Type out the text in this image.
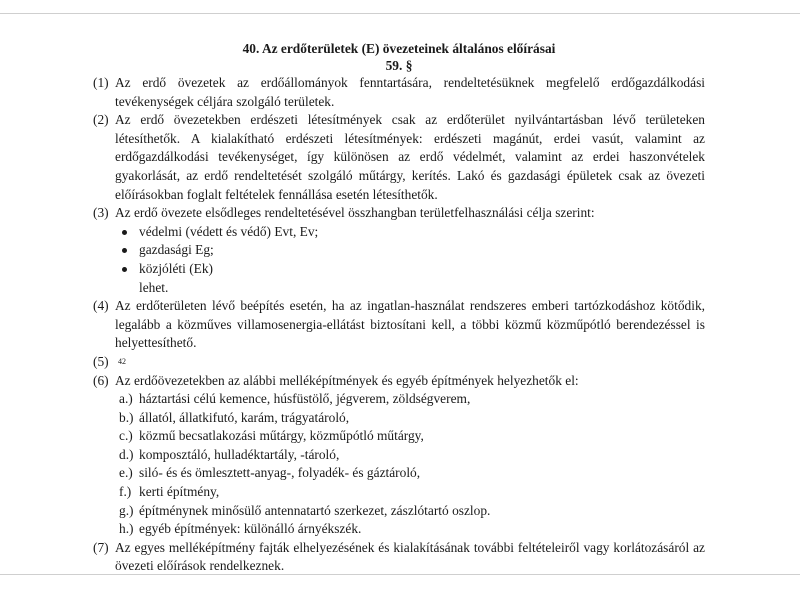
40. Az erdőterületek (E) övezeteinek általános előírásai
59. §
(1) Az erdő övezetek az erdőállományok fenntartására, rendeltetésüknek megfelelő erdőgazdálkodási tevékenységek céljára szolgáló területek.
(2) Az erdő övezetekben erdészeti létesítmények csak az erdőterület nyilvántartásban lévő területeken létesíthetők. A kialakítható erdészeti létesítmények: erdészeti magánút, erdei vasút, valamint az erdőgazdálkodási tevékenységet, így különösen az erdő védelmét, valamint az erdei haszonvételek gyakorlását, az erdő rendeltetését szolgáló műtárgy, kerítés. Lakó és gazdasági épületek csak az övezeti előírásokban foglalt feltételek fennállása esetén létesíthetők.
(3) Az erdő övezete elsődleges rendeltetésével összhangban területfelhasználási célja szerint:
védelmi (védett és védő) Evt, Ev;
gazdasági Eg;
közjóléti (Ek)
lehet.
(4) Az erdőterületen lévő beépítés esetén, ha az ingatlan-használat rendszeres emberi tartózkodáshoz kötődik, legalább a közműves villamosenergia-ellátást biztosítani kell, a többi közmű közműpótló berendezéssel is helyettesíthető.
(5) $^{42}$
(6) Az erdőövezetekben az alábbi melléképítmények és egyéb építmények helyezhetők el:
a.) háztartási célú kemence, húsfüstölő, jégverem, zöldségverem,
b.) állatól, állatkifutó, karám, trágyatároló,
c.) közmű becsatlakozási műtárgy, közműpótló műtárgy,
d.) komposztáló, hulladéktartály, -tároló,
e.) siló- és és ömlesztett-anyag-, folyadék- és gáztároló,
f.) kerti építmény,
g.) építménynek minősülő antennatartó szerkezet, zászlótartó oszlop.
h.) egyéb építmények: különálló árnyékszék.
(7) Az egyes melléképítmény fajták elhelyezésének és kialakításának további feltételeiről vagy korlátozásáról az övezeti előírások rendelkeznek.
